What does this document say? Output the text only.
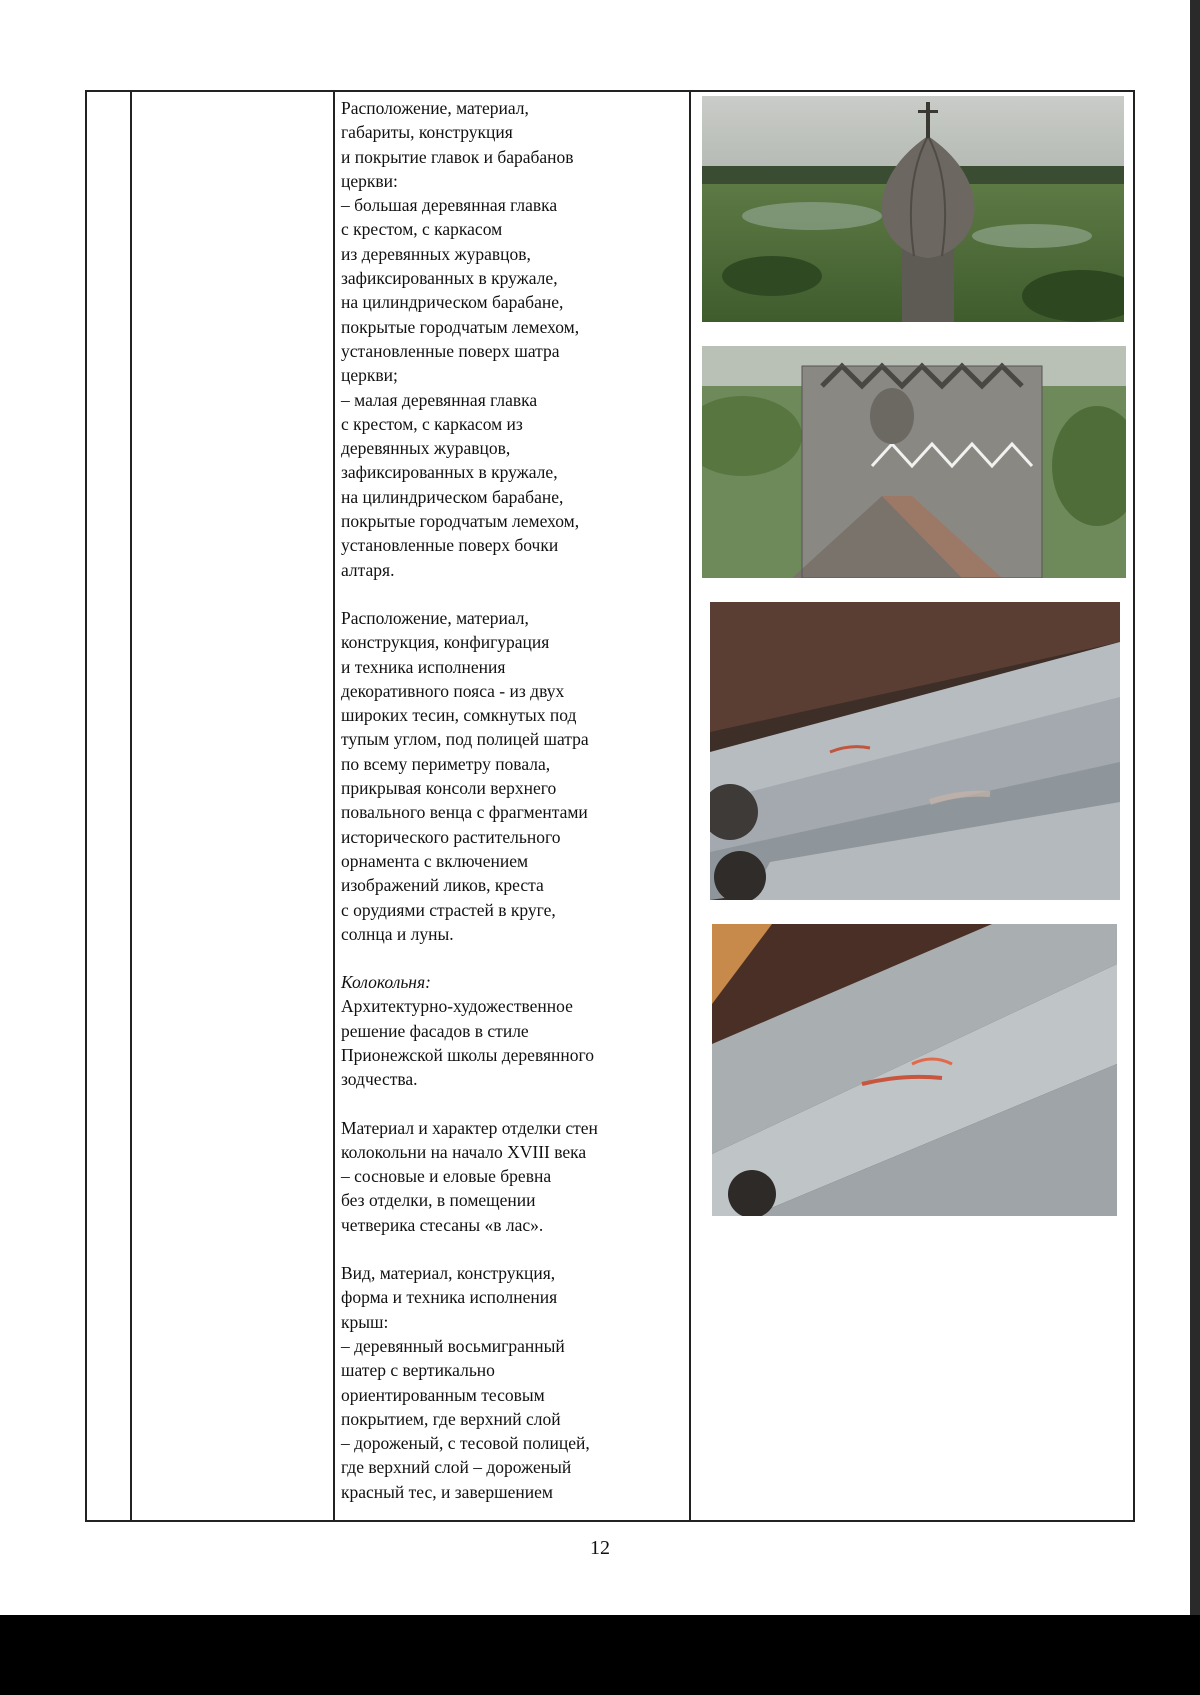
Расположение, материал,
габариты, конструкция
и покрытие главок и барабанов
церкви:

– большая деревянная главка
с крестом, с каркасом
из деревянных журавцов,
зафиксированных в кружале,
на цилиндрическом барабане,
покрытые городчатым лемехом,
установленные поверх шатра
церкви;
– малая деревянная главка
с крестом, с каркасом из
деревянных журавцов,
зафиксированных в кружале,
на цилиндрическом барабане,
покрытые городчатым лемехом,
установленные поверх бочки
алтаря.

Расположение, материал,
конструкция, конфигурация
и техника исполнения
декоративного пояса - из двух
широких тесин, сомкнутых под
тупым углом, под полицей шатра
по всему периметру повала,
прикрывая консоли верхнего
повального венца с фрагментами
исторического растительного
орнамента с включением
изображений ликов, креста
с орудиями страстей в круге,
солнца и луны.

Колокольня:

Архитектурно-художественное
решение фасадов в стиле
Прионежской школы деревянного
зодчества.

Материал и характер отделки стен
колокольни на начало XVIII века
– сосновые и еловые бревна
без отделки, в помещении
четверика стесаны «в лас».

Вид, материал, конструкция,
форма и техника исполнения
крыш:
– деревянный восьмигранный
шатер с вертикально
ориентированным тесовым
покрытием, где верхний слой
– дороженый, с тесовой полицей,
где верхний слой – дороженый
красный тес, и завершением

12
